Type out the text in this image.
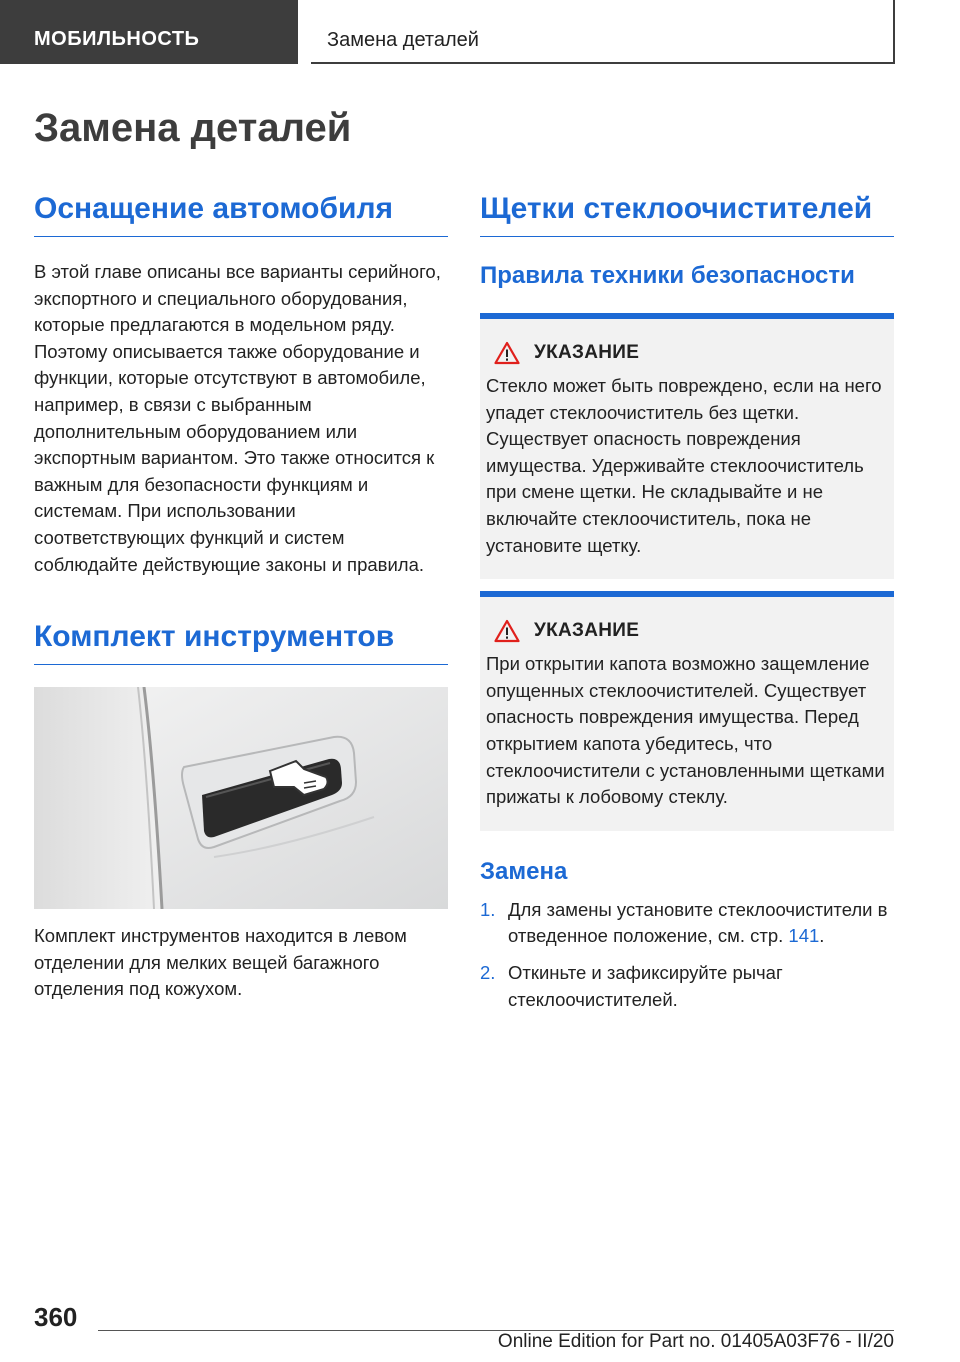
МОБИЛЬНОСТЬ	Замена деталей
Замена деталей
Оснащение автомобиля

В этой главе описаны все варианты серийного, экспортного и специального оборудования, которые предлагаются в модельном ряду. Поэтому описывается также оборудование и функции, которые отсутствуют в автомобиле, например, в связи с выбранным дополнительным оборудованием или экспортным вариантом. Это также относится к важным для безопасности функциям и системам. При использовании соответствующих функций и систем соблюдайте действующие законы и правила.

Комплект инструментов

Комплект инструментов находится в левом отделении для мелких вещей багажного отделения под кожухом.

Щетки стеклоочистителей
Правила техники безопасности
УКАЗАНИЕ

Стекло может быть повреждено, если на него упадет стеклоочиститель без щетки. Существует опасность повреждения имущества. Удерживайте стеклоочиститель при смене щетки. Не складывайте и не включайте стеклоочиститель, пока не установите щетку.

УКАЗАНИЕ

При открытии капота возможно защемление опущенных стеклоочистителей. Существует опасность повреждения имущества. Перед открытием капота убедитесь, что стеклоочистители с установленными щетками прижаты к лобовому стеклу.

Замена
1. Для замены установите стеклоочистители в отведенное положение, см. стр. 141.
2. Откиньте и зафиксируйте рычаг стеклоочистителей.
360
Online Edition for Part no. 01405A03F76 - II/20
